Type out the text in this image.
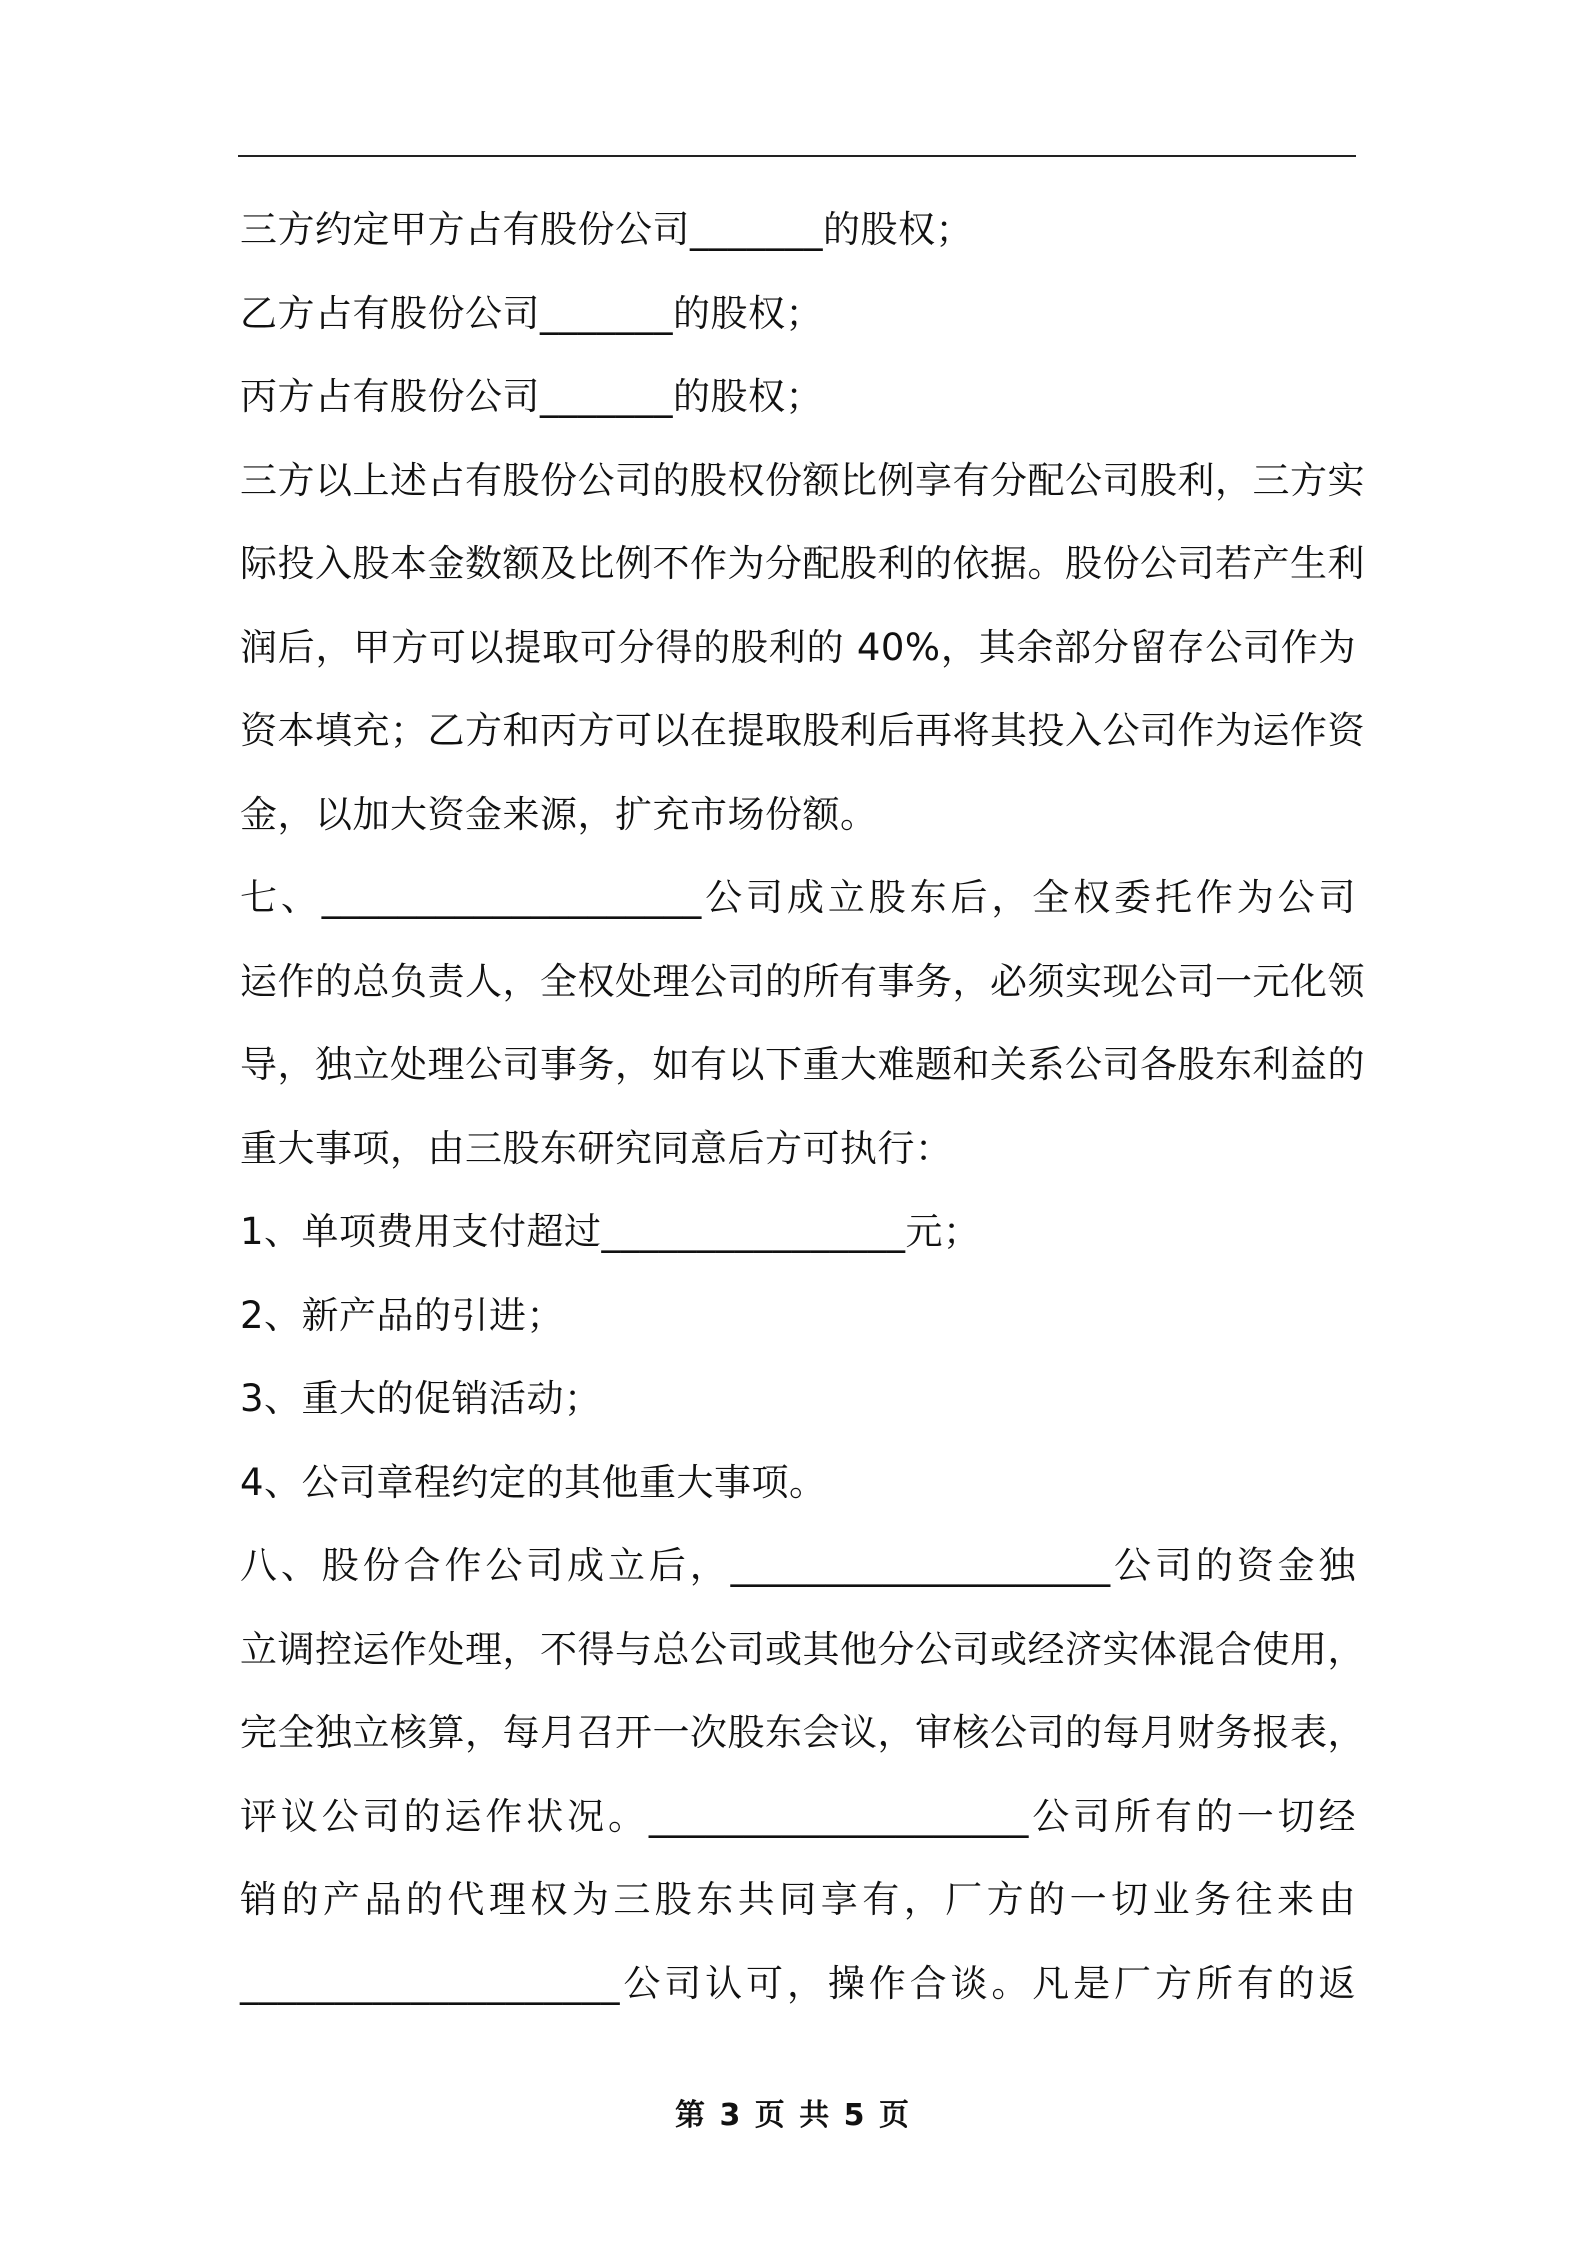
三方约定甲方占有股份公司_______的股权；
乙方占有股份公司_______的股权；
丙方占有股份公司_______的股权；
三方以上述占有股份公司的股权份额比例享有分配公司股利，三方实
际投入股本金数额及比例不作为分配股利的依据。股份公司若产生利
润后，甲方可以提取可分得的股利的 40%，其余部分留存公司作为
资本填充；乙方和丙方可以在提取股利后再将其投入公司作为运作资
金，以加大资金来源，扩充市场份额。
七、____________________公司成立股东后，全权委托作为公司
运作的总负责人，全权处理公司的所有事务，必须实现公司一元化领
导，独立处理公司事务，如有以下重大难题和关系公司各股东利益的
重大事项，由三股东研究同意后方可执行：
1、单项费用支付超过________________元；
2、新产品的引进；
3、重大的促销活动；
4、公司章程约定的其他重大事项。
八、股份合作公司成立后，____________________公司的资金独
立调控运作处理，不得与总公司或其他分公司或经济实体混合使用，
完全独立核算，每月召开一次股东会议，审核公司的每月财务报表，
评议公司的运作状况。____________________公司所有的一切经
销的产品的代理权为三股东共同享有，厂方的一切业务往来由
____________________公司认可，操作合谈。凡是厂方所有的返
第 3 页 共 5 页
